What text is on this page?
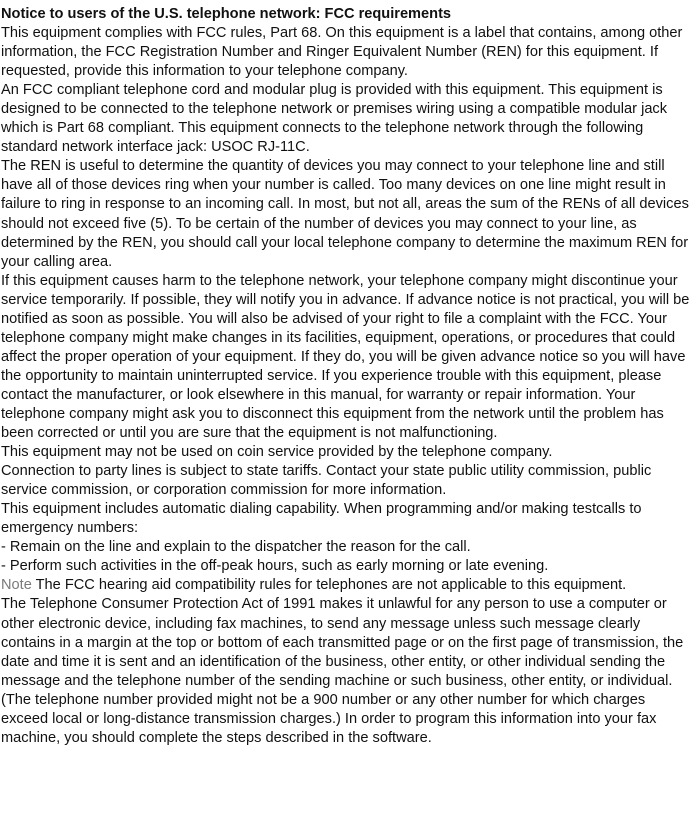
Notice to users of the U.S. telephone network: FCC requirements
This equipment complies with FCC rules, Part 68. On this equipment is a label that contains, among other information, the FCC Registration Number and Ringer Equivalent Number (REN) for this equipment. If requested, provide this information to your telephone company.
An FCC compliant telephone cord and modular plug is provided with this equipment. This equipment is designed to be connected to the telephone network or premises wiring using a compatible modular jack which is Part 68 compliant. This equipment connects to the telephone network through the following standard network interface jack: USOC RJ-11C.
The REN is useful to determine the quantity of devices you may connect to your telephone line and still have all of those devices ring when your number is called. Too many devices on one line might result in failure to ring in response to an incoming call. In most, but not all, areas the sum of the RENs of all devices should not exceed five (5). To be certain of the number of devices you may connect to your line, as determined by the REN, you should call your local telephone company to determine the maximum REN for your calling area.
If this equipment causes harm to the telephone network, your telephone company might discontinue your service temporarily. If possible, they will notify you in advance. If advance notice is not practical, you will be notified as soon as possible. You will also be advised of your right to file a complaint with the FCC. Your telephone company might make changes in its facilities, equipment, operations, or procedures that could affect the proper operation of your equipment. If they do, you will be given advance notice so you will have the opportunity to maintain uninterrupted service. If you experience trouble with this equipment, please contact the manufacturer, or look elsewhere in this manual, for warranty or repair information. Your telephone company might ask you to disconnect this equipment from the network until the problem has been corrected or until you are sure that the equipment is not malfunctioning.
This equipment may not be used on coin service provided by the telephone company.
Connection to party lines is subject to state tariffs. Contact your state public utility commission, public service commission, or corporation commission for more information.
This equipment includes automatic dialing capability. When programming and/or making testcalls to emergency numbers:
- Remain on the line and explain to the dispatcher the reason for the call.
- Perform such activities in the off-peak hours, such as early morning or late evening.
Note The FCC hearing aid compatibility rules for telephones are not applicable to this equipment.
The Telephone Consumer Protection Act of 1991 makes it unlawful for any person to use a computer or other electronic device, including fax machines, to send any message unless such message clearly contains in a margin at the top or bottom of each transmitted page or on the first page of transmission, the date and time it is sent and an identification of the business, other entity, or other individual sending the message and the telephone number of the sending machine or such business, other entity, or individual. (The telephone number provided might not be a 900 number or any other number for which charges exceed local or long-distance transmission charges.) In order to program this information into your fax machine, you should complete the steps described in the software.
